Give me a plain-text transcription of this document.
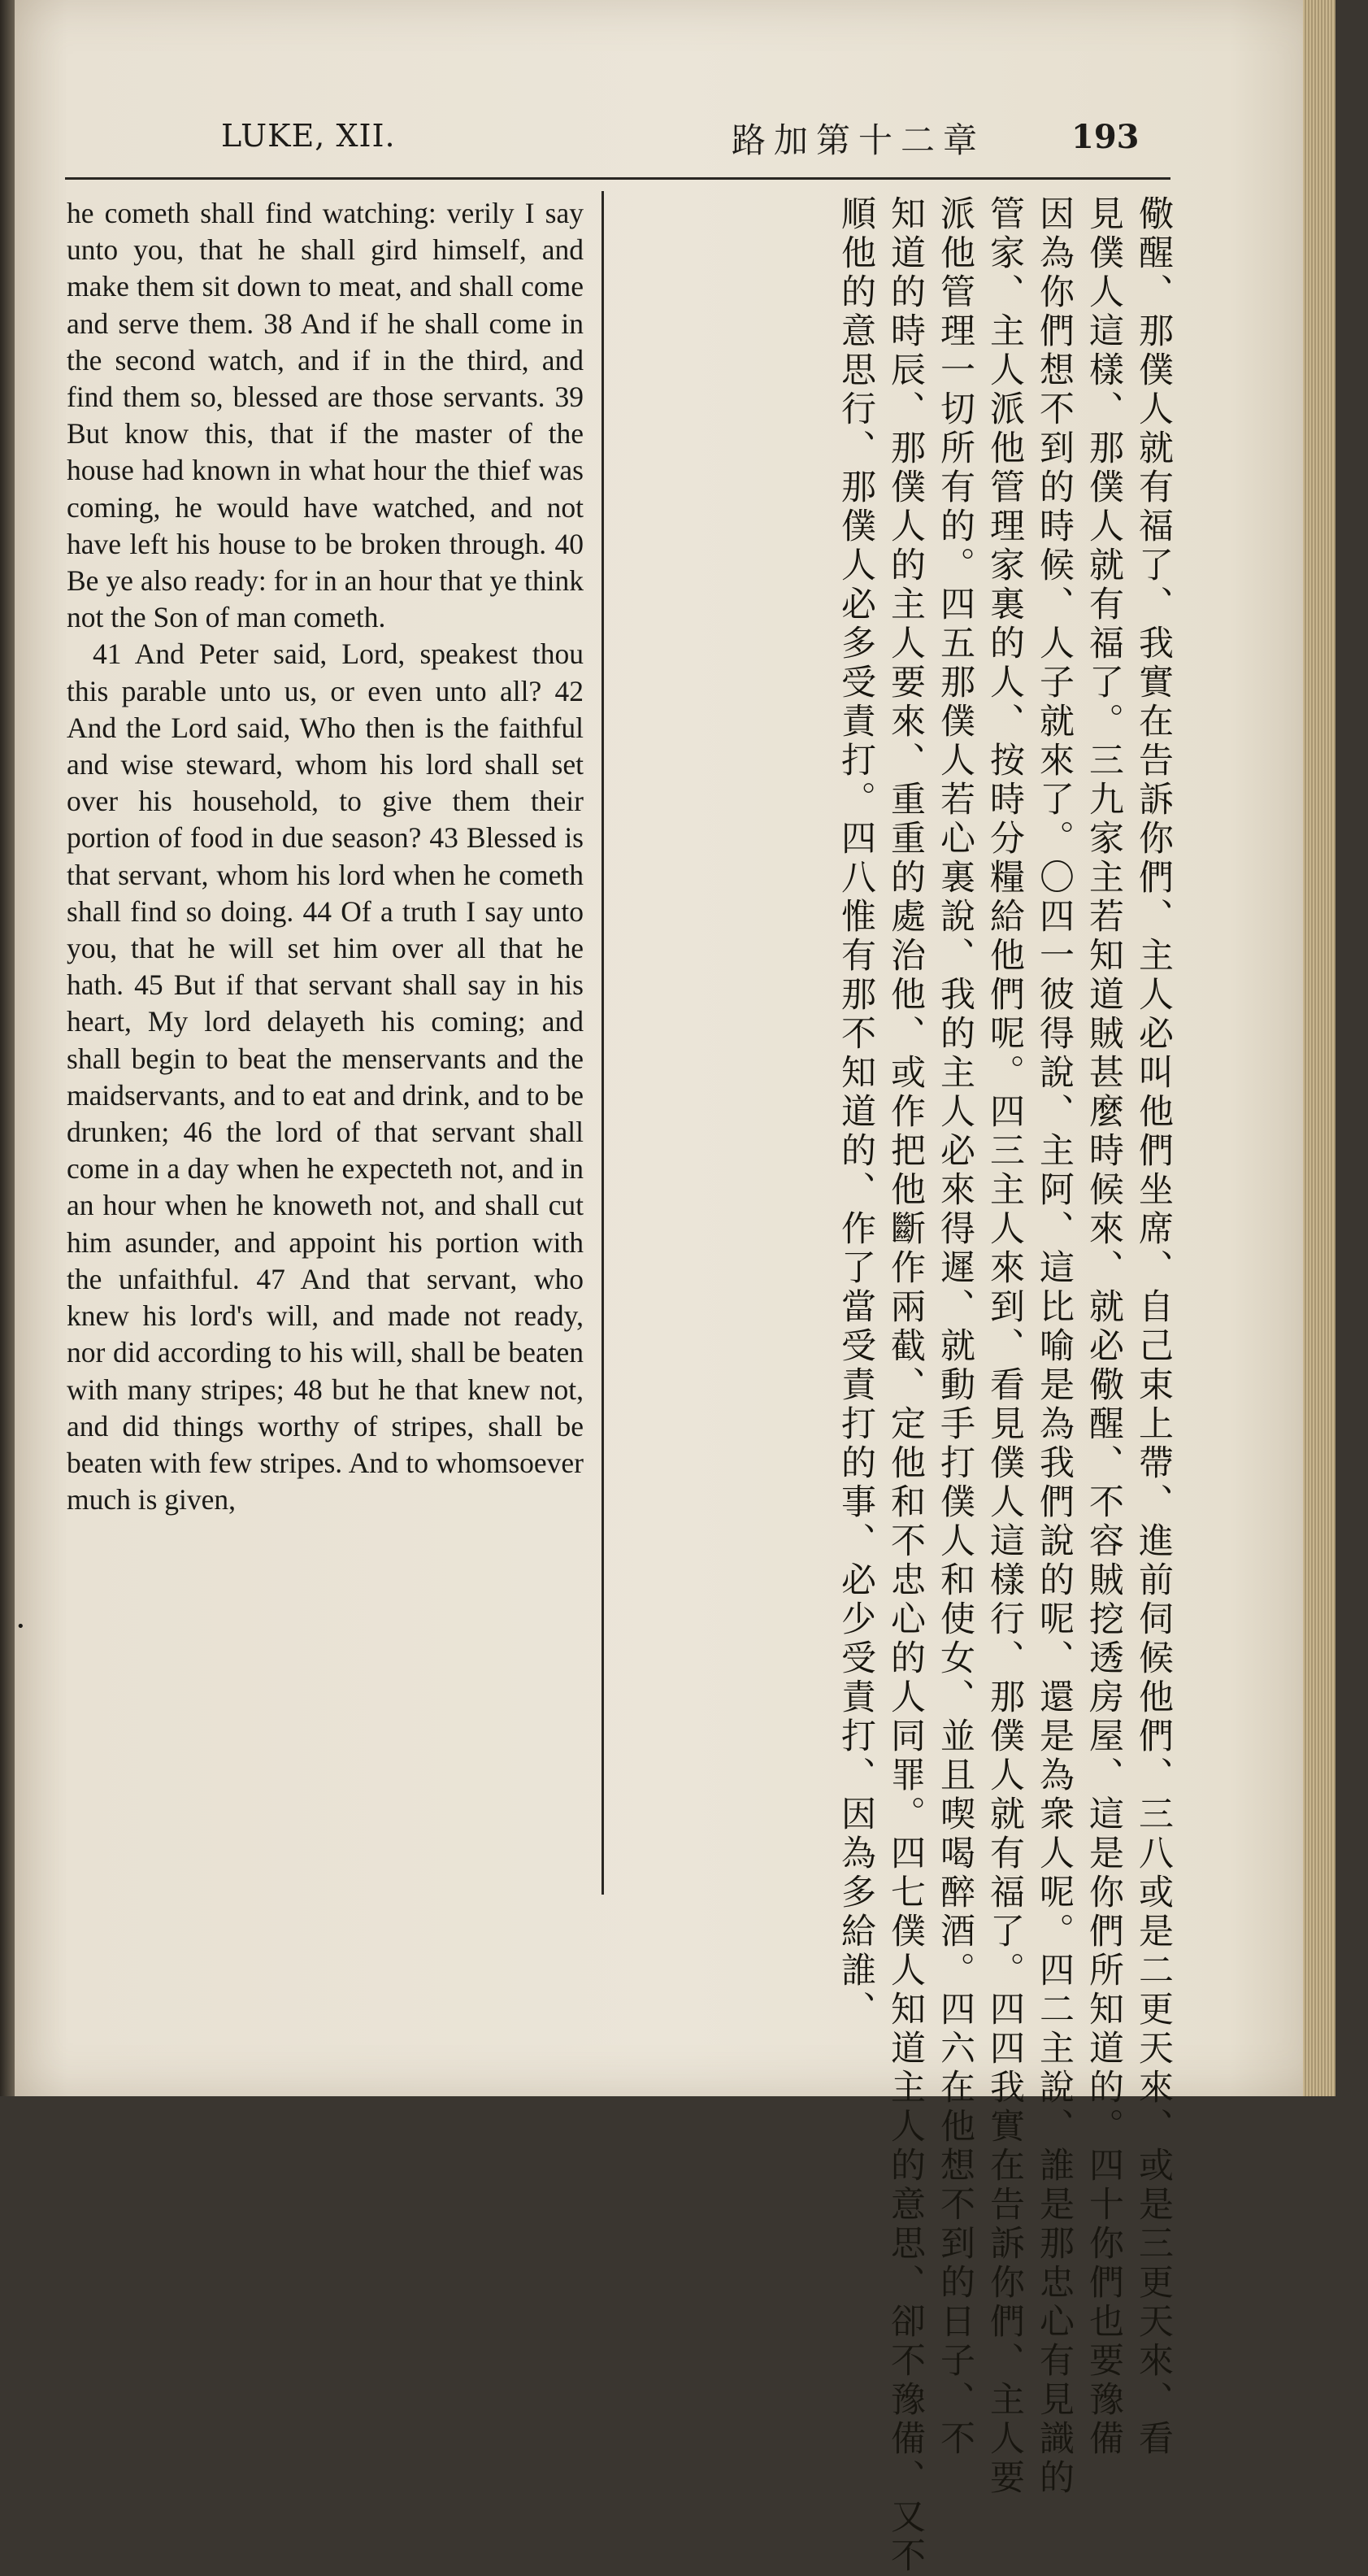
LUKE, XII.	路加第十二章	193

he cometh shall find watching: verily I say unto you, that he shall gird himself, and make them sit down to meat, and shall come and serve them. 38 And if he shall come in the second watch, and if in the third, and find them so, blessed are those servants. 39 But know this, that if the master of the house had known in what hour the thief was coming, he would have watched, and not have left his house to be broken through. 40 Be ye also ready: for in an hour that ye think not the Son of man cometh.

41 And Peter said, Lord, speakest thou this parable unto us, or even unto all? 42 And the Lord said, Who then is the faithful and wise steward, whom his lord shall set over his household, to give them their portion of food in due season? 43 Blessed is that servant, whom his lord when he cometh shall find so doing. 44 Of a truth I say unto you, that he will set him over all that he hath. 45 But if that servant shall say in his heart, My lord delayeth his coming; and shall begin to beat the menservants and the maidservants, and to eat and drink, and to be drunken; 46 the lord of that servant shall come in a day when he expecteth not, and in an hour when he knoweth not, and shall cut him asunder, and appoint his portion with the unfaithful. 47 And that servant, who knew his lord's will, and made not ready, nor did according to his will, shall be beaten with many stripes; 48 but he that knew not, and did things worthy of stripes, shall be beaten with few stripes. And to whomsoever much is given,	儆醒、那僕人就有福了、我實在告訴你們、主人必叫他們坐席、自己束上帶、進前伺候他們、三八或是二更天來、或是三更天來、看
見僕人這樣、那僕人就有福了。三九家主若知道賊甚麼時候來、就必儆醒、不容賊挖透房屋、這是你們所知道的。四十你們也要豫備
因為你們想不到的時候、人子就來了。〇四一彼得說、主阿、這比喻是為我們說的呢、還是為衆人呢。四二主說、誰是那忠心有見識的
管家、主人派他管理家裏的人、按時分糧給他們呢。四三主人來到、看見僕人這樣行、那僕人就有福了。四四我實在告訴你們、主人要
派他管理一切所有的。四五那僕人若心裏說、我的主人必來得遲、就動手打僕人和使女、並且喫喝醉酒。四六在他想不到的日子、不
知道的時辰、那僕人的主人要來、重重的處治他、或作把他斷作兩截、定他和不忠心的人同罪。四七僕人知道主人的意思、卻不豫備、又不
順他的意思行、那僕人必多受責打。四八惟有那不知道的、作了當受責打的事、必少受責打、因為多給誰、
•
